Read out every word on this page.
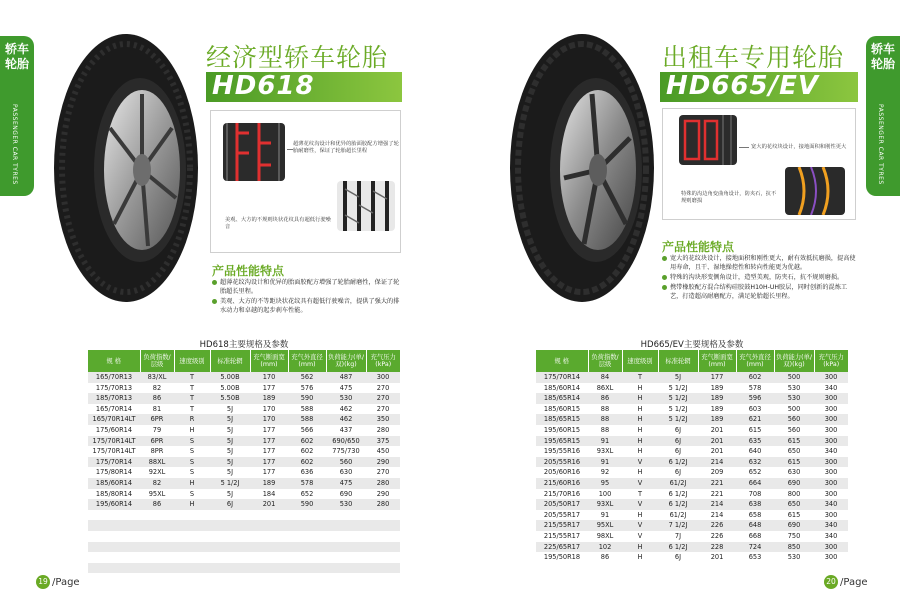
轿车轮胎
PASSENGER CAR TYRES
经济型轿车轮胎
HD618
超薄花纹沟设计和优异的胎面胶配方增强了轮胎耐磨性，保证了轮胎超长里程
美观、大方的不规则块状花纹具有超低行驶噪音
产品性能特点
超薄花纹沟设计和优异的胎面胶配方增强了轮胎耐磨性，保证了轮胎超长里程。
美观、大方的不等距块状花纹具有超低行驶噪音，提供了强大的排水动力和卓越的起步刹车性能。
HD618主要规格及参数
规 格	负荷指数/层级	速度级别	标准轮辋	充气断面宽(mm)	充气外直径(mm)	负荷能力(单/双)(kg)	充气压力(kPa)
165/70R13	83/XL	T	5.00B	170	562	487	300
175/70R13	82	T	5.00B	177	576	475	270
185/70R13	86	T	5.50B	189	590	530	270
165/70R14	81	T	5J	170	588	462	270
165/70R14LT	6PR	R	5J	170	588	462	350
175/60R14	79	H	5J	177	566	437	280
175/70R14LT	6PR	S	5J	177	602	690/650	375
175/70R14LT	8PR	S	5J	177	602	775/730	450
175/70R14	88XL	S	5J	177	602	560	290
175/80R14	92XL	S	5J	177	636	630	270
185/60R14	82	H	5 1/2J	189	578	475	280
185/80R14	95XL	S	5J	184	652	690	290
195/60R14	86	H	6J	201	590	530	280

19 /Page
轿车轮胎
PASSENGER CAR TYRES
出租车专用轮胎
HD665/EV
宽大的花纹块设计，接地面积和刚性更大
特殊的沟边角变曲角设计，防夹石，抗不规则磨损
产品性能特点
宽大的花纹块设计，接地面积和刚性更大，耐有效抵抗磨损，提高使用寿命，且干、湿地操控性和转向性能更为优越。
特殊的沟块形变侧角设计，造型美观，防夹石，抗不规则磨损。
携带橡胶配方混合结构硅胶鼓H10H-UH胶层，同时创新的混炼工艺，打造超高耐磨配方，满足轮胎超长里程。
HD665/EV主要规格及参数
规 格	负荷指数/层级	速度级别	标准轮辋	充气断面宽(mm)	充气外直径(mm)	负荷能力(单/双)(kg)	充气压力(kPa)
175/70R14	84	T	5J	177	602	500	300
185/60R14	86XL	H	5 1/2J	189	578	530	340
185/65R14	86	H	5 1/2J	189	596	530	300
185/60R15	88	H	5 1/2J	189	603	500	300
185/65R15	88	H	5 1/2J	189	621	560	300
195/60R15	88	H	6J	201	615	560	300
195/65R15	91	H	6J	201	635	615	300
195/55R16	93XL	H	6J	201	640	650	340
205/55R16	91	V	6 1/2J	214	632	615	300
205/60R16	92	H	6J	209	652	630	300
215/60R16	95	V	61/2J	221	664	690	300
215/70R16	100	T	6 1/2J	221	708	800	300
205/50R17	93XL	V	6 1/2J	214	638	650	340
205/55R17	91	H	61/2J	214	658	615	300
215/55R17	95XL	V	7 1/2J	226	648	690	340
215/55R17	98XL	V	7J	226	668	750	340
225/65R17	102	H	6 1/2J	228	724	850	300
195/50R18	86	H	6J	201	653	530	300
20 /Page
